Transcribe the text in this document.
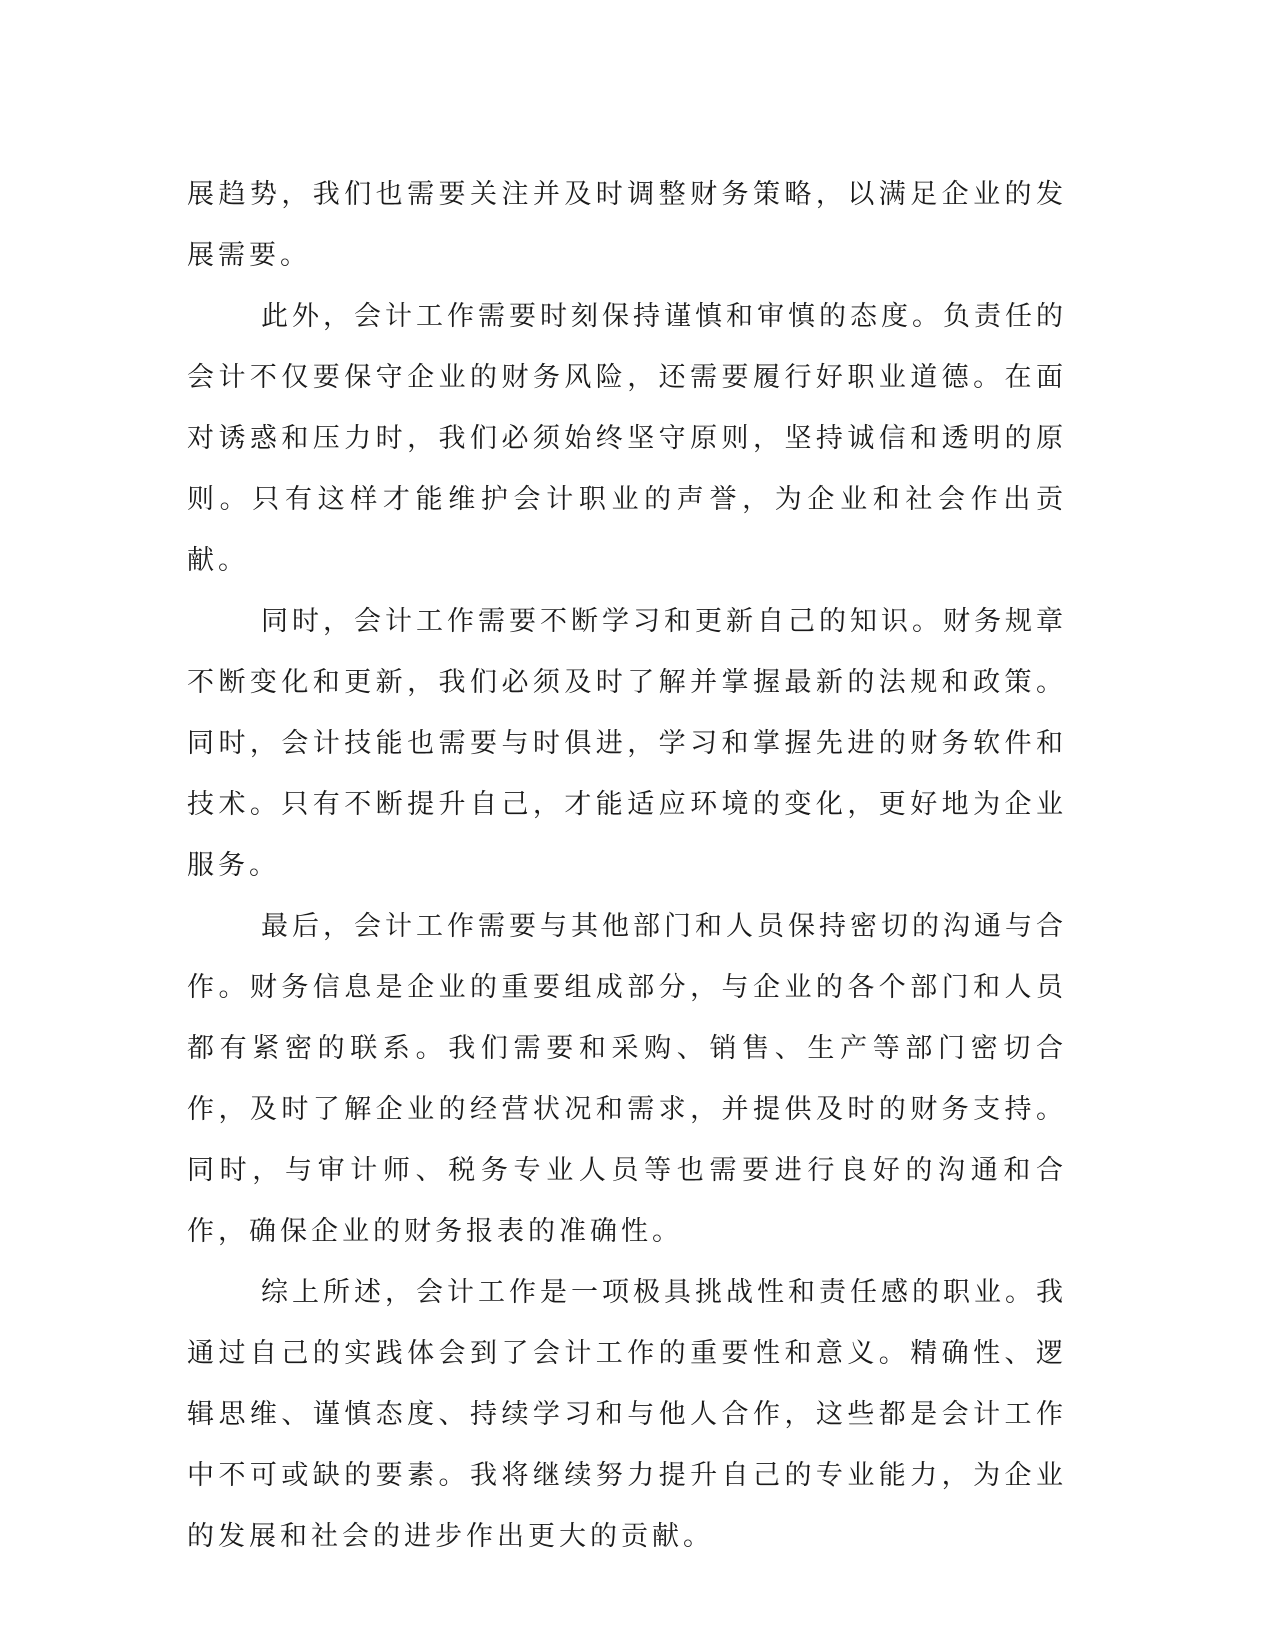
展趋势，我们也需要关注并及时调整财务策略，以满足企业的发展需要。

此外，会计工作需要时刻保持谨慎和审慎的态度。负责任的会计不仅要保守企业的财务风险，还需要履行好职业道德。在面对诱惑和压力时，我们必须始终坚守原则，坚持诚信和透明的原则。只有这样才能维护会计职业的声誉，为企业和社会作出贡献。

同时，会计工作需要不断学习和更新自己的知识。财务规章不断变化和更新，我们必须及时了解并掌握最新的法规和政策。同时，会计技能也需要与时俱进，学习和掌握先进的财务软件和技术。只有不断提升自己，才能适应环境的变化，更好地为企业服务。

最后，会计工作需要与其他部门和人员保持密切的沟通与合作。财务信息是企业的重要组成部分，与企业的各个部门和人员都有紧密的联系。我们需要和采购、销售、生产等部门密切合作，及时了解企业的经营状况和需求，并提供及时的财务支持。同时，与审计师、税务专业人员等也需要进行良好的沟通和合作，确保企业的财务报表的准确性。

综上所述，会计工作是一项极具挑战性和责任感的职业。我通过自己的实践体会到了会计工作的重要性和意义。精确性、逻辑思维、谨慎态度、持续学习和与他人合作，这些都是会计工作中不可或缺的要素。我将继续努力提升自己的专业能力，为企业的发展和社会的进步作出更大的贡献。
